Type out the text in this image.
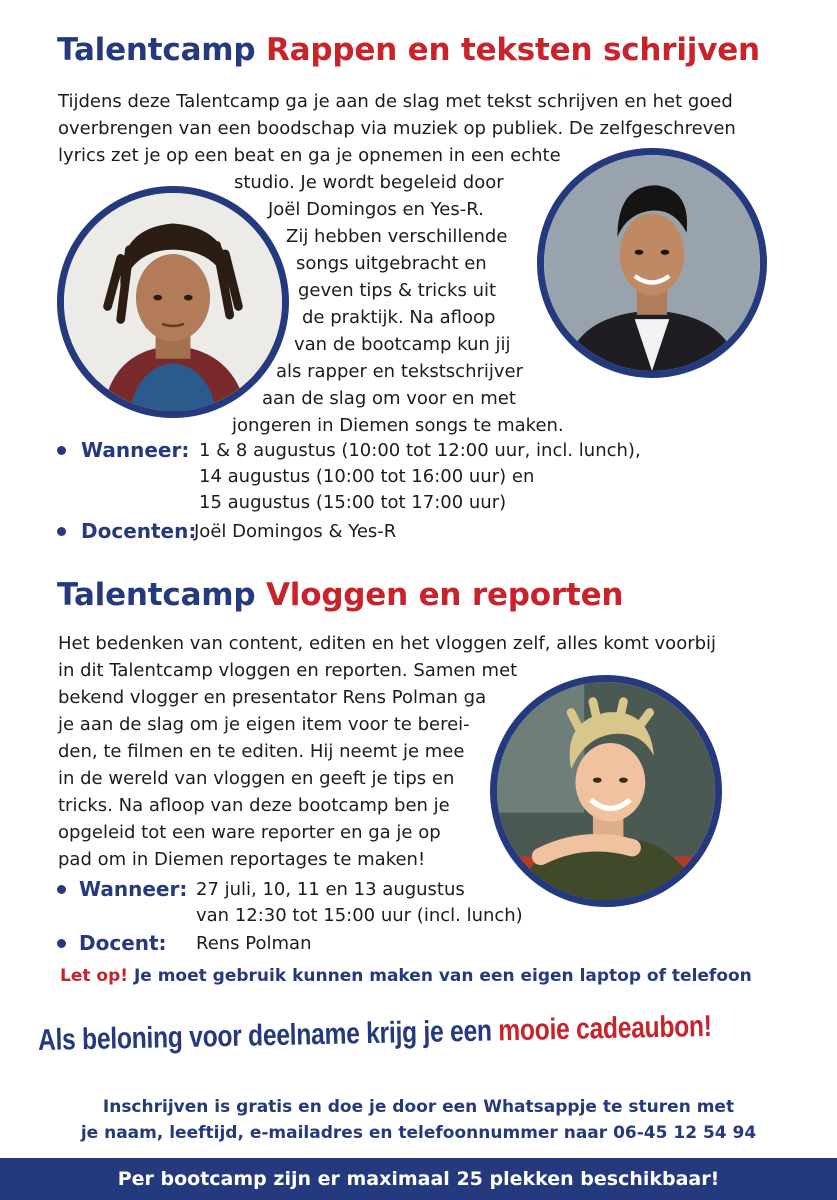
Talentcamp Rappen en teksten schrijven
Tijdens deze Talentcamp ga je aan de slag met tekst schrijven en het goed
overbrengen van een boodschap via muziek op publiek. De zelfgeschreven
lyrics zet je op een beat en ga je opnemen in een echte
studio. Je wordt begeleid door
Joël Domingos en Yes-R.
Zij hebben verschillende
songs uitgebracht en
geven tips & tricks uit
de praktijk. Na afloop
van de bootcamp kun jij
als rapper en tekstschrijver
aan de slag om voor en met
jongeren in Diemen songs te maken.
Wanneer: 1 & 8 augustus (10:00 tot 12:00 uur, incl. lunch),
14 augustus (10:00 tot 16:00 uur) en
15 augustus (15:00 tot 17:00 uur)
Docenten:
Joël Domingos & Yes-R
Talentcamp Vloggen en reporten
Het bedenken van content, editen en het vloggen zelf, alles komt voorbij
in dit Talentcamp vloggen en reporten. Samen met
bekend vlogger en presentator Rens Polman ga
je aan de slag om je eigen item voor te berei-
den, te filmen en te editen. Hij neemt je mee
in de wereld van vloggen en geeft je tips en
tricks. Na afloop van deze bootcamp ben je
opgeleid tot een ware reporter en ga je op
pad om in Diemen reportages te maken!
Wanneer: 27 juli, 10, 11 en 13 augustus
van 12:30 tot 15:00 uur (incl. lunch)
Docent: Rens Polman
Let op! Je moet gebruik kunnen maken van een eigen laptop of telefoon
Als beloning voor deelname krijg je een mooie cadeaubon!
Inschrijven is gratis en doe je door een Whatsappje te sturen met
je naam, leeftijd, e-mailadres en telefoonnummer naar 06-45 12 54 94
Per bootcamp zijn er maximaal 25 plekken beschikbaar!
